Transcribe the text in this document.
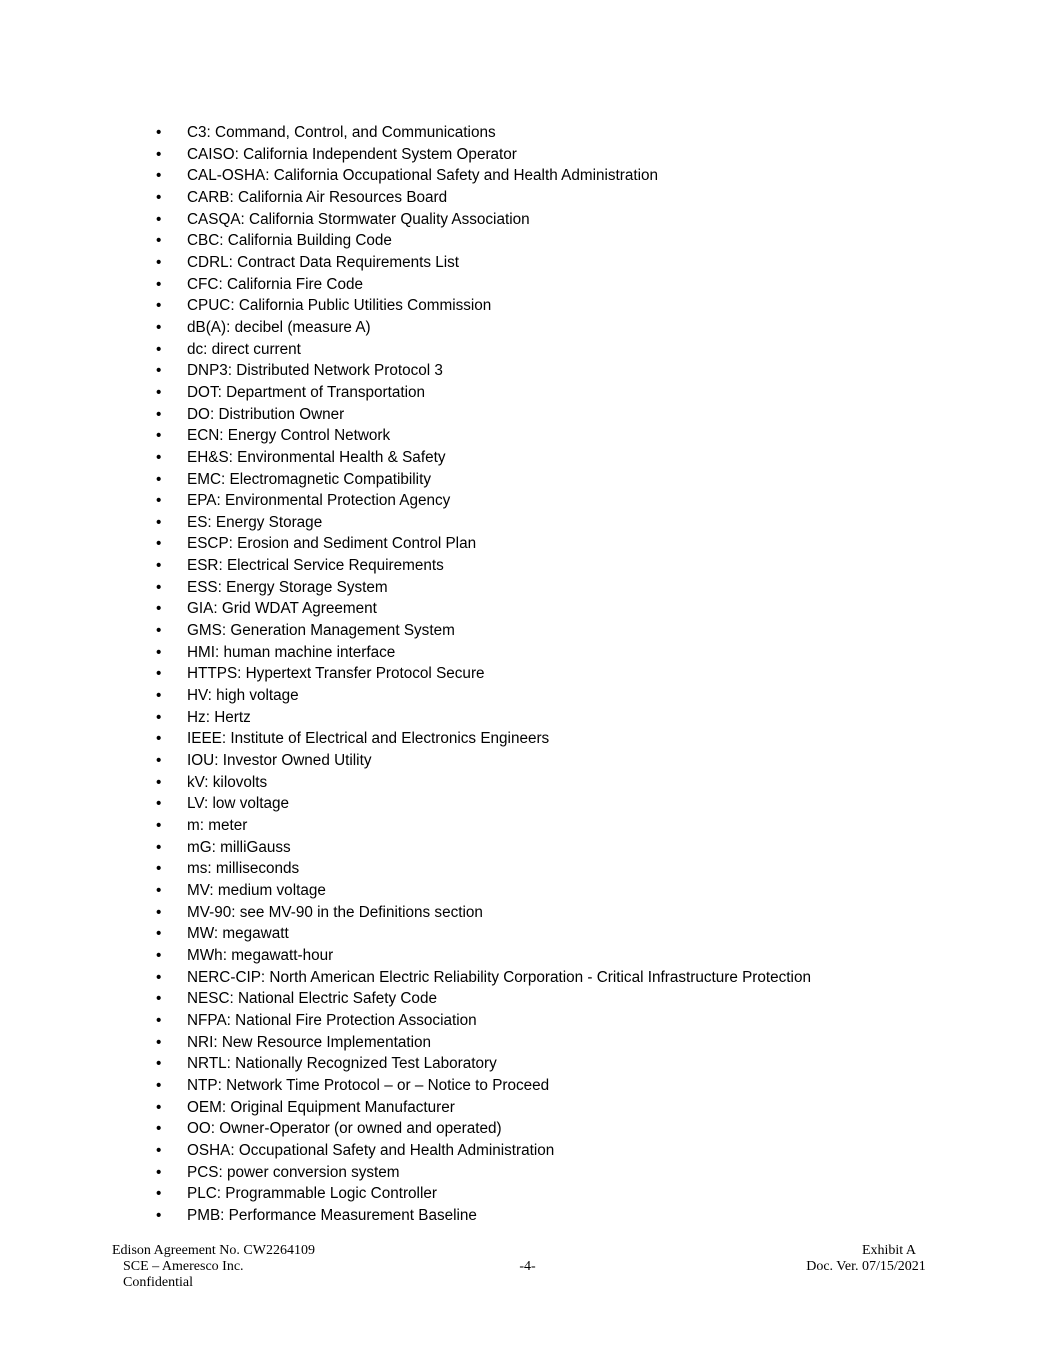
•	C3: Command, Control, and Communications
•	CAISO: California Independent System Operator
•	CAL-OSHA: California Occupational Safety and Health Administration
•	CARB: California Air Resources Board
•	CASQA: California Stormwater Quality Association
•	CBC: California Building Code
•	CDRL: Contract Data Requirements List
•	CFC: California Fire Code
•	CPUC: California Public Utilities Commission
•	dB(A): decibel (measure A)
•	dc: direct current
•	DNP3: Distributed Network Protocol 3
•	DOT: Department of Transportation
•	DO: Distribution Owner
•	ECN: Energy Control Network
•	EH&S: Environmental Health & Safety
•	EMC: Electromagnetic Compatibility
•	EPA: Environmental Protection Agency
•	ES: Energy Storage
•	ESCP: Erosion and Sediment Control Plan
•	ESR: Electrical Service Requirements
•	ESS: Energy Storage System
•	GIA: Grid WDAT Agreement
•	GMS: Generation Management System
•	HMI: human machine interface
•	HTTPS: Hypertext Transfer Protocol Secure
•	HV: high voltage
•	Hz: Hertz
•	IEEE: Institute of Electrical and Electronics Engineers
•	IOU: Investor Owned Utility
•	kV: kilovolts
•	LV: low voltage
•	m: meter
•	mG: milliGauss
•	ms: milliseconds
•	MV: medium voltage
•	MV-90: see MV-90 in the Definitions section
•	MW: megawatt
•	MWh: megawatt-hour
•	NERC-CIP: North American Electric Reliability Corporation - Critical Infrastructure Protection
•	NESC: National Electric Safety Code
•	NFPA: National Fire Protection Association
•	NRI: New Resource Implementation
•	NRTL: Nationally Recognized Test Laboratory
•	NTP: Network Time Protocol – or – Notice to Proceed
•	OEM: Original Equipment Manufacturer
•	OO: Owner-Operator (or owned and operated)
•	OSHA: Occupational Safety and Health Administration
•	PCS: power conversion system
•	PLC: Programmable Logic Controller
•	PMB: Performance Measurement Baseline
Edison Agreement No. CW2264109
SCE – Ameresco Inc.
Confidential
-4-
Exhibit A
Doc. Ver. 07/15/2021
